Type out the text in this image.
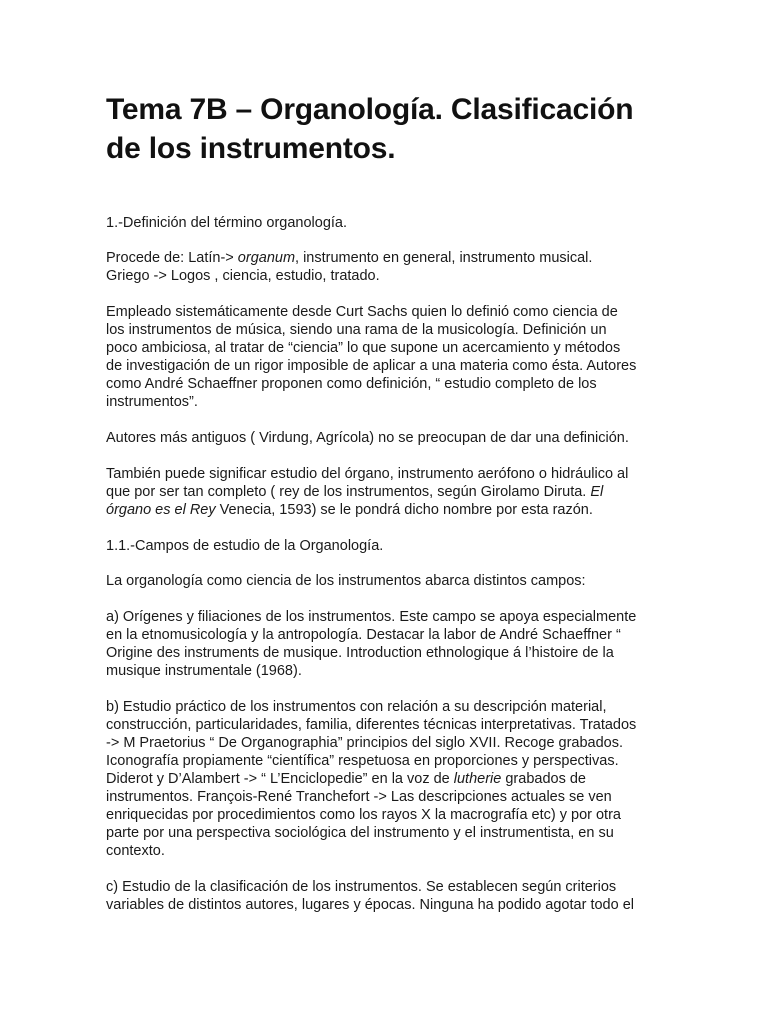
Tema 7B – Organología. Clasificación
de los instrumentos.

1.-Definición del término organología.

Procede de: Latín-> organum, instrumento en general, instrumento musical.
Griego -> Logos , ciencia, estudio, tratado.

Empleado sistemáticamente desde Curt Sachs quien lo definió como ciencia de
los instrumentos de música, siendo una rama de la musicología. Definición un
poco ambiciosa, al tratar de “ciencia” lo que supone un acercamiento y métodos
de investigación de un rigor imposible de aplicar a una materia como ésta. Autores
como André Schaeffner proponen como definición, “ estudio completo de los
instrumentos”.

Autores más antiguos ( Virdung, Agrícola) no se preocupan de dar una definición.

También puede significar estudio del órgano, instrumento aerófono o hidráulico al
que por ser tan completo ( rey de los instrumentos, según Girolamo Diruta. El
órgano es el Rey Venecia, 1593) se le pondrá dicho nombre por esta razón.

1.1.-Campos de estudio de la Organología.

La organología como ciencia de los instrumentos abarca distintos campos:

a) Orígenes y filiaciones de los instrumentos. Este campo se apoya especialmente
en la etnomusicología y la antropología. Destacar la labor de André Schaeffner “
Origine des instruments de musique. Introduction ethnologique á l’histoire de la
musique instrumentale (1968).

b) Estudio práctico de los instrumentos con relación a su descripción material,
construcción, particularidades, familia, diferentes técnicas interpretativas. Tratados
-> M Praetorius “ De Organographia” principios del siglo XVII. Recoge grabados.
Iconografía propiamente “científica” respetuosa en proporciones y perspectivas.
Diderot y D’Alambert -> “ L’Enciclopedie” en la voz de lutherie grabados de
instrumentos. François-René Tranchefort -> Las descripciones actuales se ven
enriquecidas por procedimientos como los rayos X la macrografía etc) y por otra
parte por una perspectiva sociológica del instrumento y el instrumentista, en su
contexto.

c) Estudio de la clasificación de los instrumentos. Se establecen según criterios
variables de distintos autores, lugares y épocas. Ninguna ha podido agotar todo el
